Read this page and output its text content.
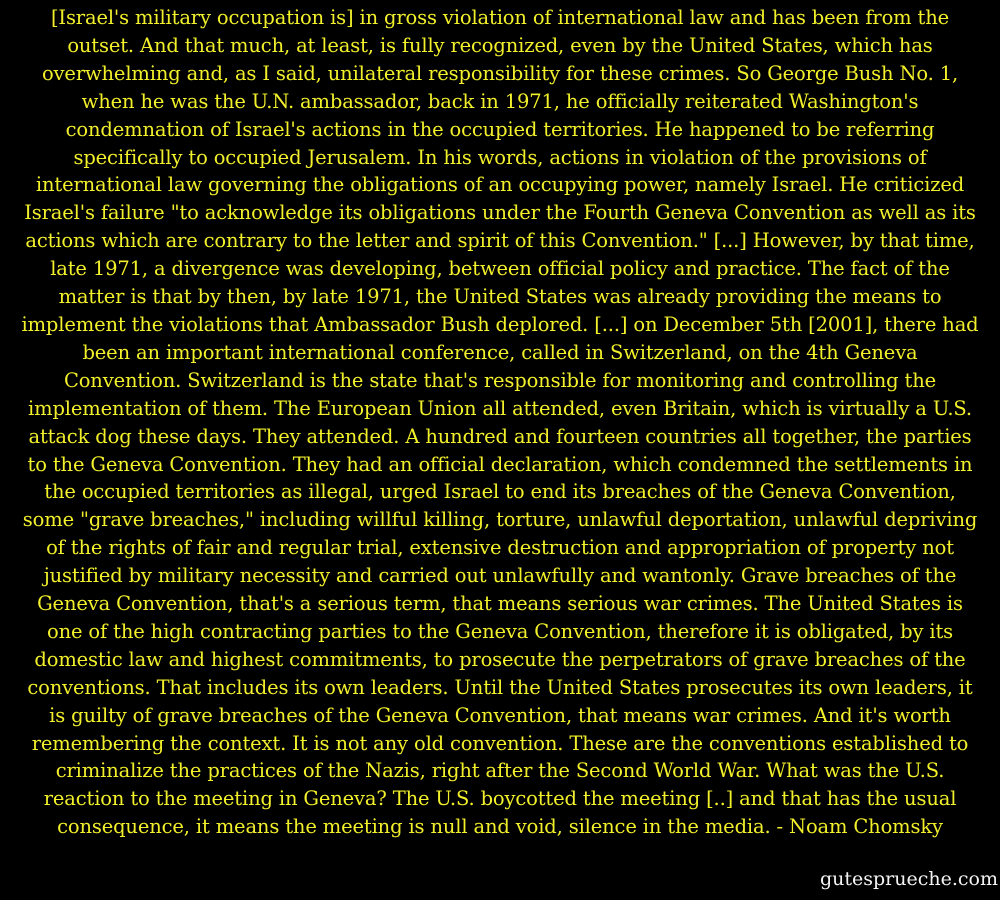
[Israel's military occupation is] in gross violation of international law and has been from the
outset. And that much, at least, is fully recognized, even by the United States, which has
overwhelming and, as I said, unilateral responsibility for these crimes. So George Bush No. 1,
when he was the U.N. ambassador, back in 1971, he officially reiterated Washington's
condemnation of Israel's actions in the occupied territories. He happened to be referring
specifically to occupied Jerusalem. In his words, actions in violation of the provisions of
international law governing the obligations of an occupying power, namely Israel. He criticized
Israel's failure "to acknowledge its obligations under the Fourth Geneva Convention as well as its
actions which are contrary to the letter and spirit of this Convention." [...] However, by that time,
late 1971, a divergence was developing, between official policy and practice. The fact of the
matter is that by then, by late 1971, the United States was already providing the means to
implement the violations that Ambassador Bush deplored. [...] on December 5th [2001], there had
been an important international conference, called in Switzerland, on the 4th Geneva
Convention. Switzerland is the state that's responsible for monitoring and controlling the
implementation of them. The European Union all attended, even Britain, which is virtually a U.S.
attack dog these days. They attended. A hundred and fourteen countries all together, the parties
to the Geneva Convention. They had an official declaration, which condemned the settlements in
the occupied territories as illegal, urged Israel to end its breaches of the Geneva Convention,
some "grave breaches," including willful killing, torture, unlawful deportation, unlawful depriving
of the rights of fair and regular trial, extensive destruction and appropriation of property not
justified by military necessity and carried out unlawfully and wantonly. Grave breaches of the
Geneva Convention, that's a serious term, that means serious war crimes. The United States is
one of the high contracting parties to the Geneva Convention, therefore it is obligated, by its
domestic law and highest commitments, to prosecute the perpetrators of grave breaches of the
conventions. That includes its own leaders. Until the United States prosecutes its own leaders, it
is guilty of grave breaches of the Geneva Convention, that means war crimes. And it's worth
remembering the context. It is not any old convention. These are the conventions established to
criminalize the practices of the Nazis, right after the Second World War. What was the U.S.
reaction to the meeting in Geneva? The U.S. boycotted the meeting [..] and that has the usual
consequence, it means the meeting is null and void, silence in the media. - Noam Chomsky
gutesprueche.com
